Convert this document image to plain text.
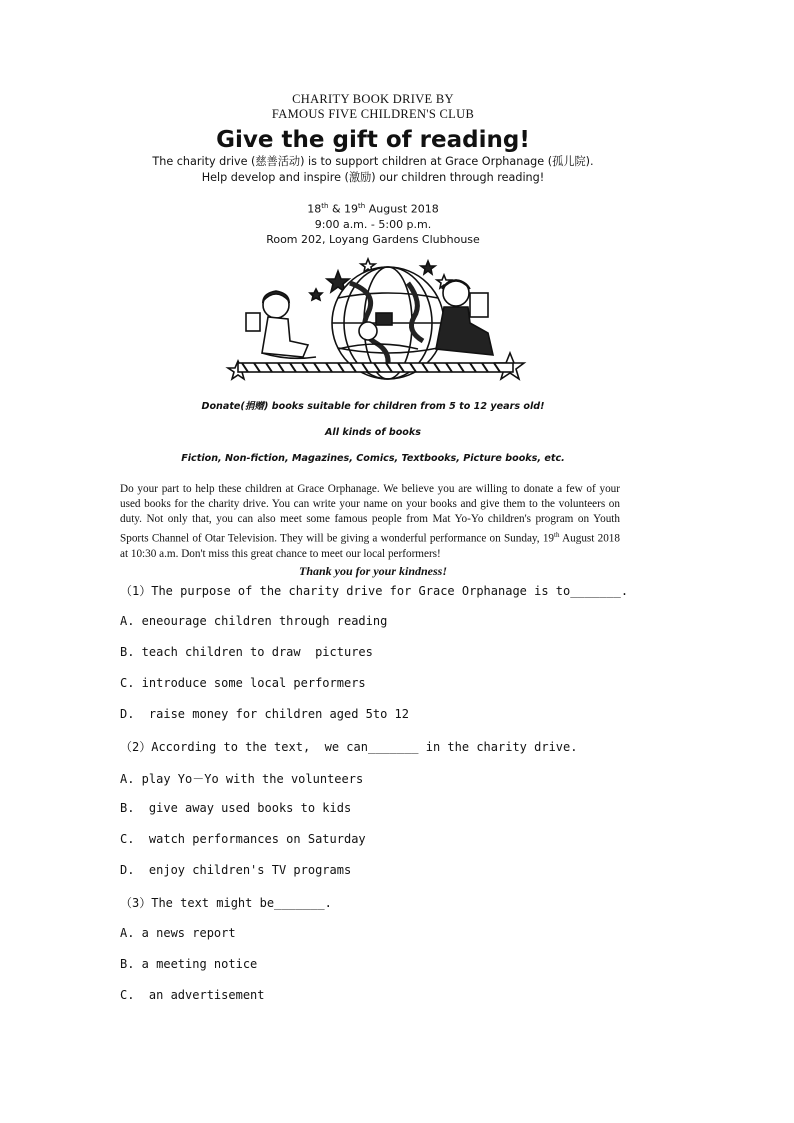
CHARITY BOOK DRIVE BY
FAMOUS FIVE CHILDREN'S CLUB
Give the gift of reading!
The charity drive (慈善活动) is to support children at Grace Orphanage (孤儿院).
Help develop and inspire (激励) our children through reading!
18th & 19th August 2018
9:00 a.m. - 5:00 p.m.
Room 202, Loyang Gardens Clubhouse
Donate(捐赠) books suitable for children from 5 to 12 years old!
All kinds of books
Fiction, Non-fiction, Magazines, Comics, Textbooks, Picture books, etc.
Do your part to help these children at Grace Orphanage. We believe you are willing to donate a few of your used books for the charity drive. You can write your name on your books and give them to the volunteers on duty. Not only that, you can also meet some famous people from Mat Yo-Yo children's program on Youth Sports Channel of Otar Television. They will be giving a wonderful performance on Sunday, 19th August 2018 at 10:30 a.m. Don't miss this great chance to meet our local performers!
Thank you for your kindness!
（1）The purpose of the charity drive for Grace Orphanage is to_______.
A. eneourage children through reading
B. teach children to draw  pictures
C. introduce some local performers
D.  raise money for children aged 5to 12
（2）According to the text,  we can_______ in the charity drive.
A. play Yo－Yo with the volunteers
B.  give away used books to kids
C.  watch performances on Saturday
D.  enjoy children's TV programs
（3）The text might be_______.
A. a news report
B. a meeting notice
C.  an advertisement
